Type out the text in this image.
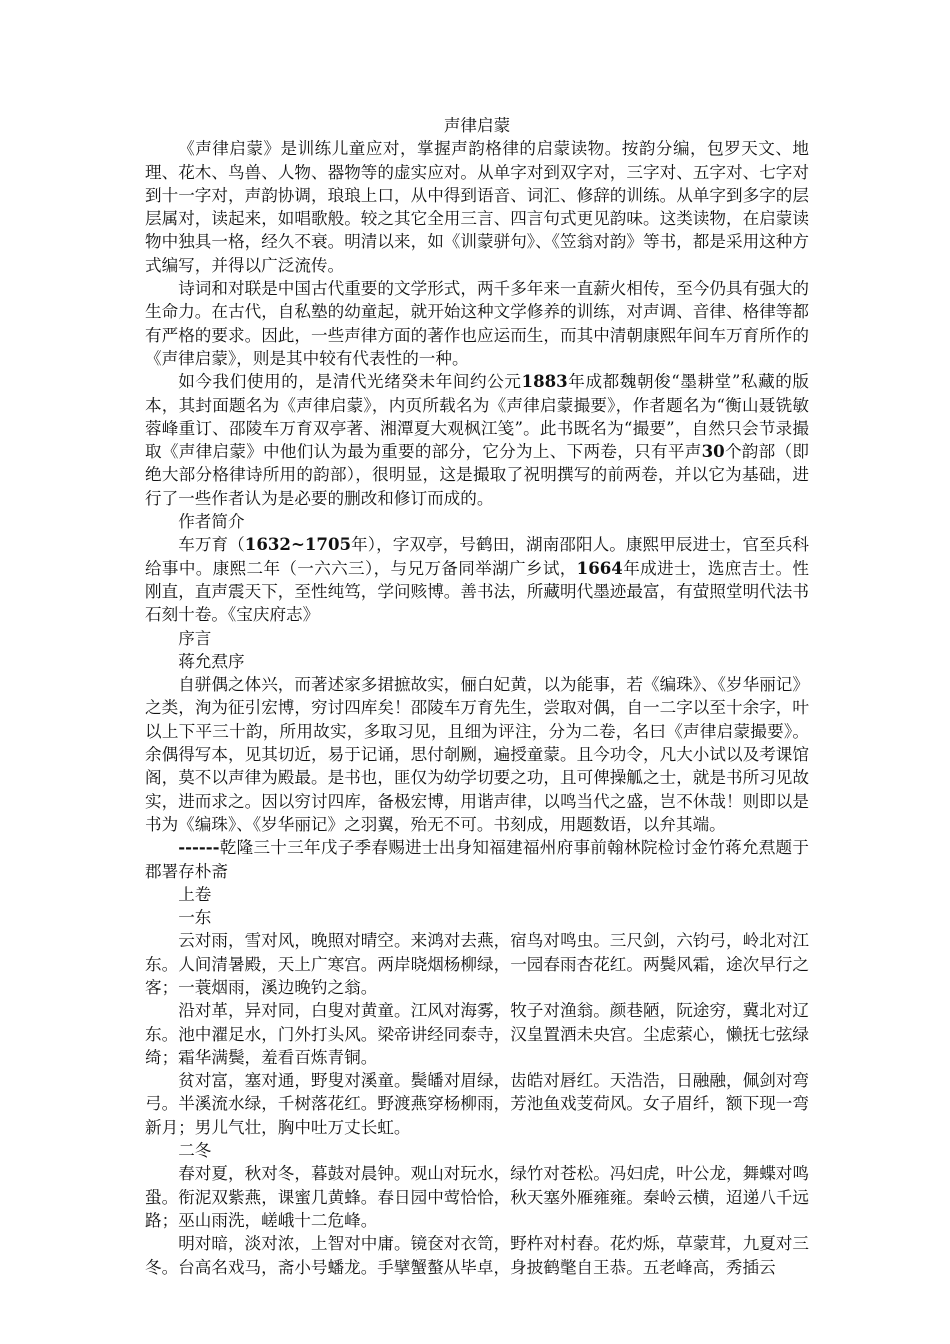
声律启蒙

《声律启蒙》是训练儿童应对，掌握声韵格律的启蒙读物。按韵分编，包罗天文、地理、花木、鸟兽、人物、器物等的虚实应对。从单字对到双字对，三字对、五字对、七字对到十一字对，声韵协调，琅琅上口，从中得到语音、词汇、修辞的训练。从单字到多字的层层属对，读起来，如唱歌般。较之其它全用三言、四言句式更见韵味。这类读物，在启蒙读物中独具一格，经久不衰。明清以来，如《训蒙骈句》、《笠翁对韵》等书，都是采用这种方式编写，并得以广泛流传。

诗词和对联是中国古代重要的文学形式，两千多年来一直薪火相传，至今仍具有强大的生命力。在古代，自私塾的幼童起，就开始这种文学修养的训练，对声调、音律、格律等都有严格的要求。因此，一些声律方面的著作也应运而生，而其中清朝康熙年间车万育所作的《声律启蒙》，则是其中较有代表性的一种。

如今我们使用的，是清代光绪癸未年间约公元1883年成都魏朝俊“墨耕堂”私藏的版本，其封面题名为《声律启蒙》，内页所载名为《声律启蒙撮要》，作者题名为“衡山聂铣敏蓉峰重订、邵陵车万育双亭著、湘潭夏大观枫江笺”。此书既名为“撮要”，自然只会节录撮取《声律启蒙》中他们认为最为重要的部分，它分为上、下两卷，只有平声30个韵部（即绝大部分格律诗所用的韵部），很明显，这是撮取了祝明撰写的前两卷，并以它为基础，进行了一些作者认为是必要的删改和修订而成的。

作者简介

车万育（1632~1705年），字双亭，号鹤田，湖南邵阳人。康熙甲辰进士，官至兵科给事中。康熙二年（一六六三），与兄万备同举湖广乡试，1664年成进士，选庶吉士。性刚直，直声震天下，至性纯笃，学问赅博。善书法，所藏明代墨迹最富，有萤照堂明代法书石刻十卷。《宝庆府志》

序言

蒋允焄序

自骈偶之体兴，而著述家多捃摭故实，俪白妃黄，以为能事，若《编珠》、《岁华丽记》之类，洵为征引宏博，穷讨四库矣！邵陵车万育先生，尝取对偶，自一二字以至十余字，叶以上下平三十韵，所用故实，多取习见，且细为评注，分为二卷，名曰《声律启蒙撮要》。余偶得写本，见其切近，易于记诵，思付剞劂，遍授童蒙。且今功令，凡大小试以及考课馆阁，莫不以声律为殿最。是书也，匪仅为幼学切要之功，且可俾操觚之士，就是书所习见故实，进而求之。因以穷讨四库，备极宏博，用谐声律，以鸣当代之盛，岂不休哉！则即以是书为《编珠》、《岁华丽记》之羽翼，殆无不可。书刻成，用题数语，以弁其端。

------乾隆三十三年戊子季春赐进士出身知福建福州府事前翰林院检讨金竹蒋允焄题于郡署存朴斋

上卷

一东

云对雨，雪对风，晚照对晴空。来鸿对去燕，宿鸟对鸣虫。三尺剑，六钧弓，岭北对江东。人间清暑殿，天上广寒宫。两岸晓烟杨柳绿，一园春雨杏花红。两鬓风霜，途次早行之客；一蓑烟雨，溪边晚钓之翁。

沿对革，异对同，白叟对黄童。江风对海雾，牧子对渔翁。颜巷陋，阮途穷，冀北对辽东。池中濯足水，门外打头风。梁帝讲经同泰寺，汉皇置酒未央宫。尘虑萦心，懒抚七弦绿绮；霜华满鬓，羞看百炼青铜。

贫对富，塞对通，野叟对溪童。鬓皤对眉绿，齿皓对唇红。天浩浩，日融融，佩剑对弯弓。半溪流水绿，千树落花红。野渡燕穿杨柳雨，芳池鱼戏芰荷风。女子眉纤，额下现一弯新月；男儿气壮，胸中吐万丈长虹。

二冬

春对夏，秋对冬，暮鼓对晨钟。观山对玩水，绿竹对苍松。冯妇虎，叶公龙，舞蝶对鸣蛩。衔泥双紫燕，课蜜几黄蜂。春日园中莺恰恰，秋天塞外雁雍雍。秦岭云横，迢递八千远路；巫山雨洗，嵯峨十二危峰。

明对暗，淡对浓，上智对中庸。镜奁对衣笥，野杵对村舂。花灼烁，草蒙茸，九夏对三冬。台高名戏马，斋小号蟠龙。手擘蟹螯从毕卓，身披鹤氅自王恭。五老峰高，秀插云
